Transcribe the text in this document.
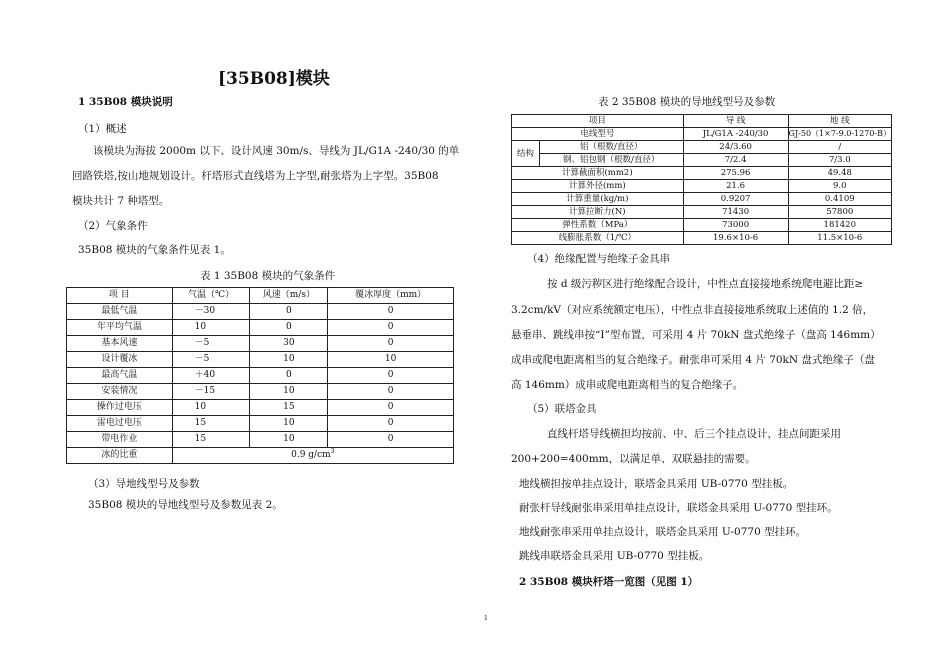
[35B08]模块
1 35B08 模块说明
（1）概述
该模块为海拔 2000m 以下、设计风速 30m/s、导线为 JL/G1A -240/30 的单
回路铁塔,按山地规划设计。杆塔形式直线塔为上字型,耐张塔为上字型。35B08
模块共计 7 种塔型。
（2）气象条件
35B08 模块的气象条件见表 1。
表 1 35B08 模块的气象条件
项 目	气温（℃）	风速（m/s）	覆冰厚度（mm）
最低气温	－30	0	0
年平均气温	10	0	0
基本风速	－5	30	0
设计覆冰	－5	10	10
最高气温	＋40	0	0
安装情况	－15	10	0
操作过电压	10	15	0
雷电过电压	15	10	0
带电作业	15	10	0
冰的比重	0.9 $g/cm^3$
（3）导地线型号及参数
35B08 模块的导地线型号及参数见表 2。
表 2 35B08 模块的导地线型号及参数
项目		导 线	地 线
电线型号		JL/G1A -240/30	GJ-50（1×7-9.0-1270-B）
结构	铝（根数/直径）	24/3.60	/
	钢、铝包钢（根数/直径）	7/2.4	7/3.0
计算截面积(mm2)		275.96	49.48
计算外径(mm)		21.6	9.0
计算重量(kg/m)		0.9207	0.4109
计算拉断力(N)		71430	57800
弹性系数（MPa）		73000	181420
线膨胀系数（1/℃）		19.6×10-6	11.5×10-6
（4）绝缘配置与绝缘子金具串
按 d 级污秽区进行绝缘配合设计，中性点直接接地系统爬电避比距≥
3.2cm/kV（对应系统额定电压），中性点非直接接地系统取上述值的 1.2 倍，
悬垂串、跳线串按“I”型布置，可采用 4 片 70kN 盘式绝缘子（盘高 146mm）
成串或爬电距离相当的复合绝缘子。耐张串可采用 4 片 70kN 盘式绝缘子（盘
高 146mm）成串或爬电距离相当的复合绝缘子。
（5）联塔金具
直线杆塔导线横担均按前、中、后三个挂点设计，挂点间距采用
200+200=400mm，以满足单、双联悬挂的需要。
地线横担按单挂点设计，联塔金具采用 UB-0770 型挂板。
耐张杆导线耐张串采用单挂点设计，联塔金具采用 U-0770 型挂环。
地线耐张串采用单挂点设计，联塔金具采用 U-0770 型挂环。
跳线串联塔金具采用 UB-0770 型挂板。
2 35B08 模块杆塔一览图（见图 1）
1
